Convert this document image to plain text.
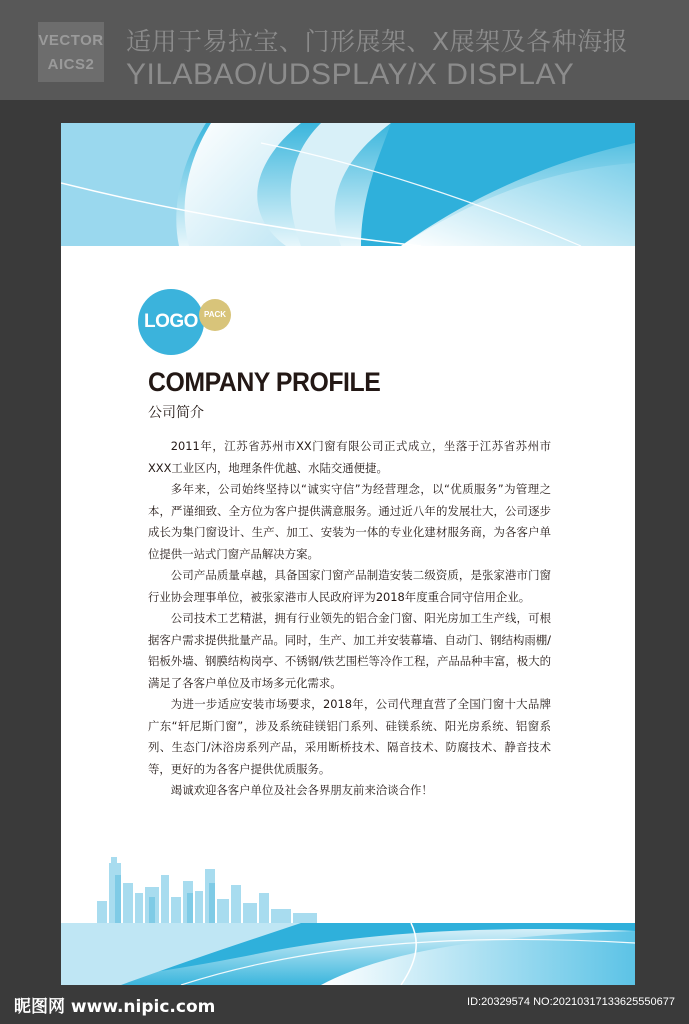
VECTOR
AICS2
适用于易拉宝、门形展架、X展架及各种海报
YILABAO/UDSPLAY/X DISPLAY
LOGO PACK
COMPANY PROFILE
公司简介

2011年，江苏省苏州市XX门窗有限公司正式成立，坐落于江苏省苏州市XXX工业区内，地理条件优越、水陆交通便捷。

多年来，公司始终坚持以“诚实守信”为经营理念，以“优质服务”为管理之本，严谨细致、全方位为客户提供满意服务。通过近八年的发展壮大，公司逐步成长为集门窗设计、生产、加工、安装为一体的专业化建材服务商，为各客户单位提供一站式门窗产品解决方案。

公司产品质量卓越，具备国家门窗产品制造安装二级资质，是张家港市门窗行业协会理事单位，被张家港市人民政府评为2018年度重合同守信用企业。

公司技术工艺精湛，拥有行业领先的铝合金门窗、阳光房加工生产线，可根据客户需求提供批量产品。同时，生产、加工并安装幕墙、自动门、钢结构雨棚/铝板外墙、钢膜结构岗亭、不锈钢/铁艺围栏等冷作工程，产品品种丰富，极大的满足了各客户单位及市场多元化需求。

为进一步适应安装市场要求，2018年，公司代理直营了全国门窗十大品牌广东“轩尼斯门窗”，涉及系统硅镁铝门系列、硅镁系统、阳光房系统、铝窗系列、生态门/沐浴房系列产品，采用断桥技术、隔音技术、防腐技术、静音技术等，更好的为各客户提供优质服务。

竭诚欢迎各客户单位及社会各界朋友前来洽谈合作！

昵图网 www.nipic.com	ID:20329574 NO:20210317133625550677
